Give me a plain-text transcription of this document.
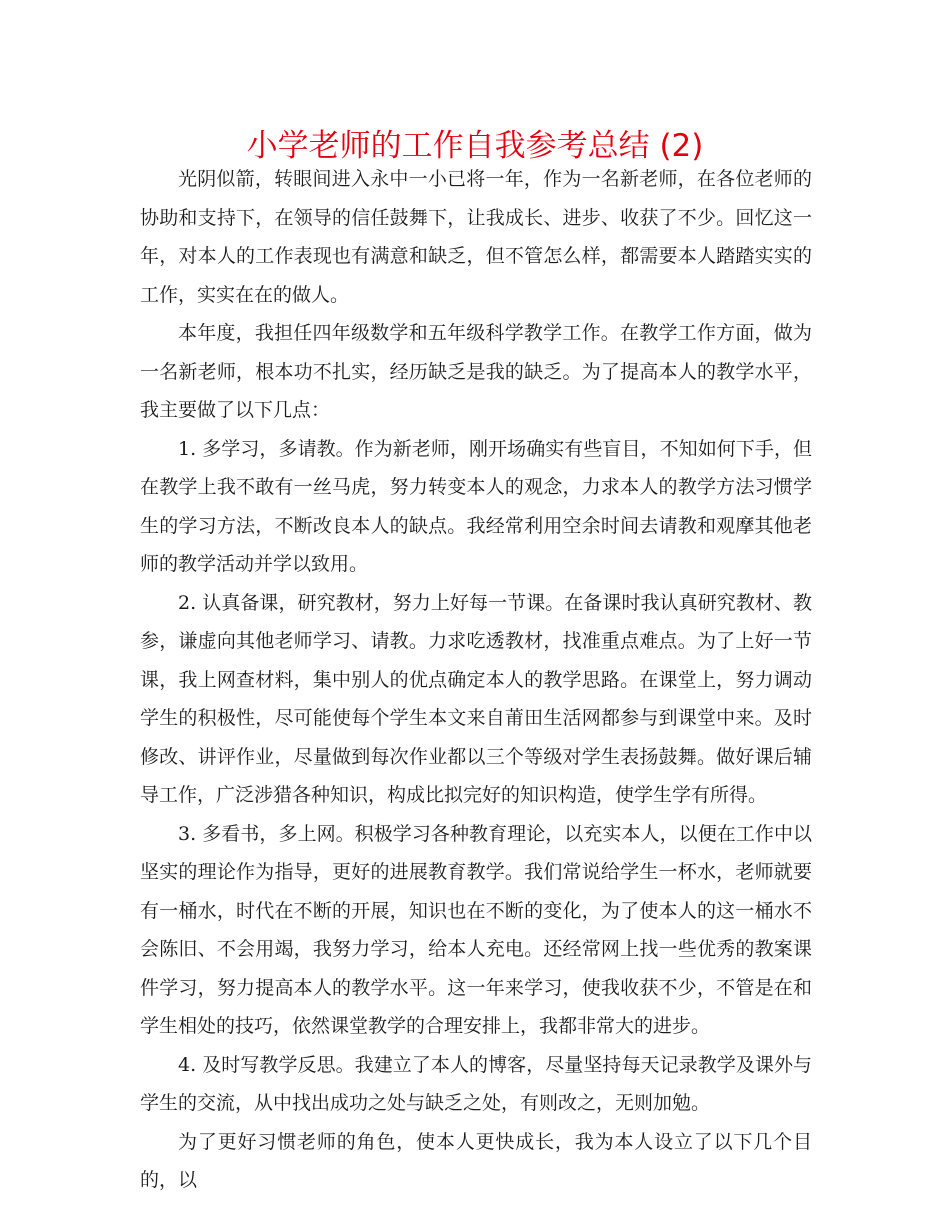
小学老师的工作自我参考总结 (2)

光阴似箭，转眼间进入永中一小已将一年，作为一名新老师，在各位老师的协助和支持下，在领导的信任鼓舞下，让我成长、进步、收获了不少。回忆这一年，对本人的工作表现也有满意和缺乏，但不管怎么样，都需要本人踏踏实实的工作，实实在在的做人。

本年度，我担任四年级数学和五年级科学教学工作。在教学工作方面，做为一名新老师，根本功不扎实，经历缺乏是我的缺乏。为了提高本人的教学水平，我主要做了以下几点：

1. 多学习，多请教。作为新老师，刚开场确实有些盲目，不知如何下手，但在教学上我不敢有一丝马虎，努力转变本人的观念，力求本人的教学方法习惯学生的学习方法，不断改良本人的缺点。我经常利用空余时间去请教和观摩其他老师的教学活动并学以致用。

2. 认真备课，研究教材，努力上好每一节课。在备课时我认真研究教材、教参，谦虚向其他老师学习、请教。力求吃透教材，找准重点难点。为了上好一节课，我上网查材料，集中别人的优点确定本人的教学思路。在课堂上，努力调动学生的积极性，尽可能使每个学生本文来自莆田生活网都参与到课堂中来。及时修改、讲评作业，尽量做到每次作业都以三个等级对学生表扬鼓舞。做好课后辅导工作，广泛涉猎各种知识，构成比拟完好的知识构造，使学生学有所得。

3. 多看书，多上网。积极学习各种教育理论，以充实本人，以便在工作中以坚实的理论作为指导，更好的进展教育教学。我们常说给学生一杯水，老师就要有一桶水，时代在不断的开展，知识也在不断的变化，为了使本人的这一桶水不会陈旧、不会用竭，我努力学习，给本人充电。还经常网上找一些优秀的教案课件学习，努力提高本人的教学水平。这一年来学习，使我收获不少，不管是在和学生相处的技巧，依然课堂教学的合理安排上，我都非常大的进步。

4. 及时写教学反思。我建立了本人的博客，尽量坚持每天记录教学及课外与学生的交流，从中找出成功之处与缺乏之处，有则改之，无则加勉。

为了更好习惯老师的角色，使本人更快成长，我为本人设立了以下几个目的，以
